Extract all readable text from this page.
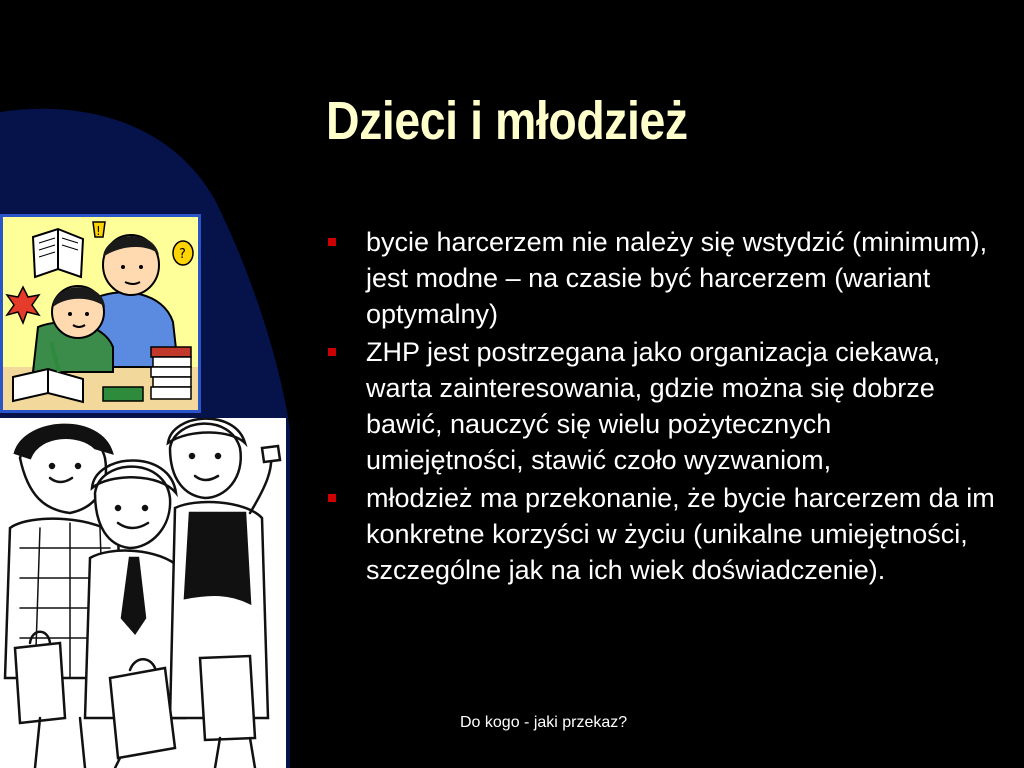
Dzieci i młodzież
bycie harcerzem nie należy się wstydzić (minimum), jest modne – na czasie być harcerzem (wariant optymalny)
ZHP jest postrzegana jako organizacja ciekawa, warta zainteresowania, gdzie można się dobrze bawić, nauczyć się wielu pożytecznych umiejętności, stawić czoło wyzwaniom,
młodzież ma przekonanie, że bycie harcerzem da im konkretne korzyści w życiu (unikalne umiejętności, szczególne jak na ich wiek doświadczenie).
Do kogo - jaki przekaz?
!
?
